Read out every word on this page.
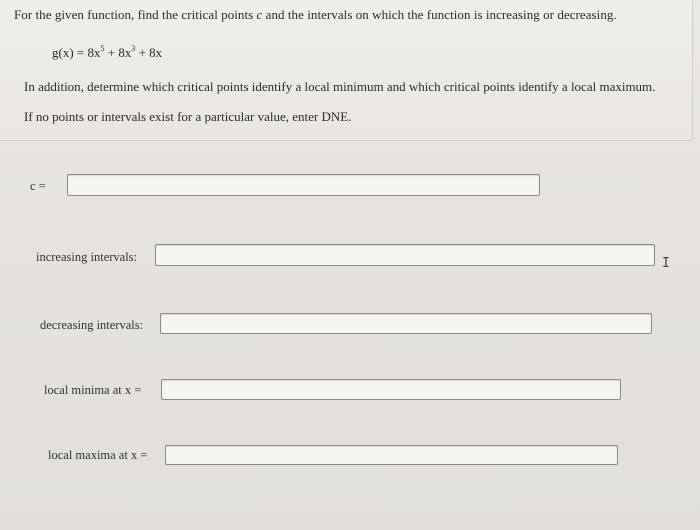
For the given function, find the critical points c and the intervals on which the function is increasing or decreasing.
$g(x) = 8x^5 + 8x^3 + 8x$
In addition, determine which critical points identify a local minimum and which critical points identify a local maximum.
If no points or intervals exist for a particular value, enter DNE.
c =
increasing intervals:
decreasing intervals:
local minima at x =
local maxima at x =
I
